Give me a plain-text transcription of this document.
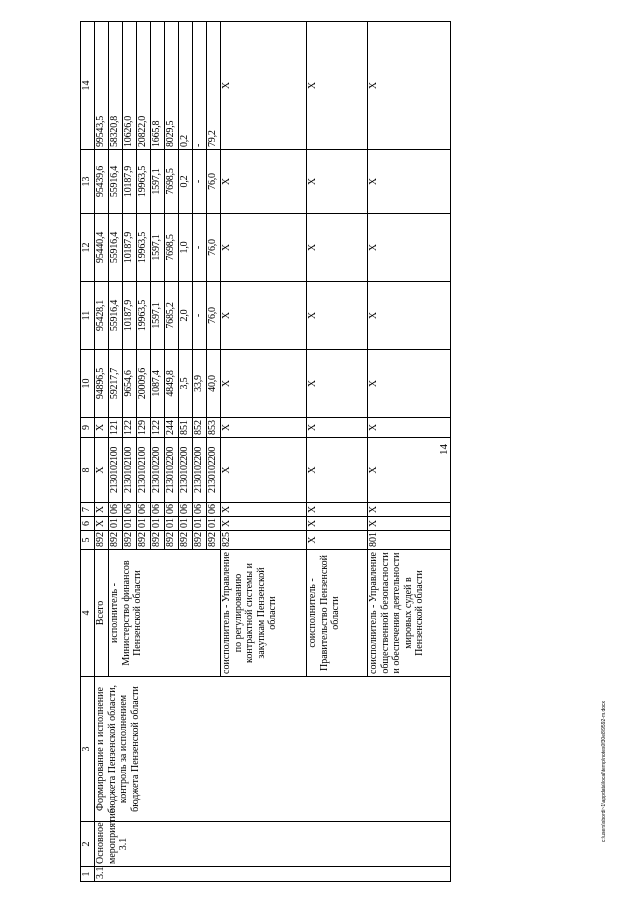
14
c:\users\sbordi~1\appdata\local\temp\notes0f30e8\9592-m.docx
1	2	3	4	5	6	7	8	9	10	11	12	13	14
3.1	Основное мероприятие 3.1	Формирование и исполнение бюджета Пензенской области, контроль за исполнением бюджета Пензенской области	Всего	892	X	X	X	X	94896,5	95428,1	95440,4	95439,6	99543,5
			исполнитель - Министерство финансов Пензенской области	892	01	06	2130102100	121	59217,7	55916,4	55916,4	55916,4	58320,8
				892	01	06	2130102100	122	9654,6	10187,9	10187,9	10187,9	10626,0
				892	01	06	2130102100	129	20009,6	19963,5	19963,5	19963,5	20822,0
				892	01	06	2130102200	122	1087,4	1597,1	1597,1	1597,1	1665,8
				892	01	06	2130102200	244	4849,8	7685,2	7698,5	7698,5	8029,5
				892	01	06	2130102200	851	3,5	2,0	1,0	0,2	0,2
				892	01	06	2130102200	852	33,9	-	-	-	-
				892	01	06	2130102200	853	40,0	76,0	76,0	76,0	79,2
			соисполнитель - Управление по регулированию контрактной системы и закупкам Пензенской области	825	X	X	X	X	X	X	X	X	X
			соисполнитель - Правительство Пензенской области	X	X	X	X	X	X	X	X	X	X
			соисполнитель - Управление общественной безопасности и обеспечения деятельности мировых судей в Пензенской области	801	X	X	X	X	X	X	X	X	X
